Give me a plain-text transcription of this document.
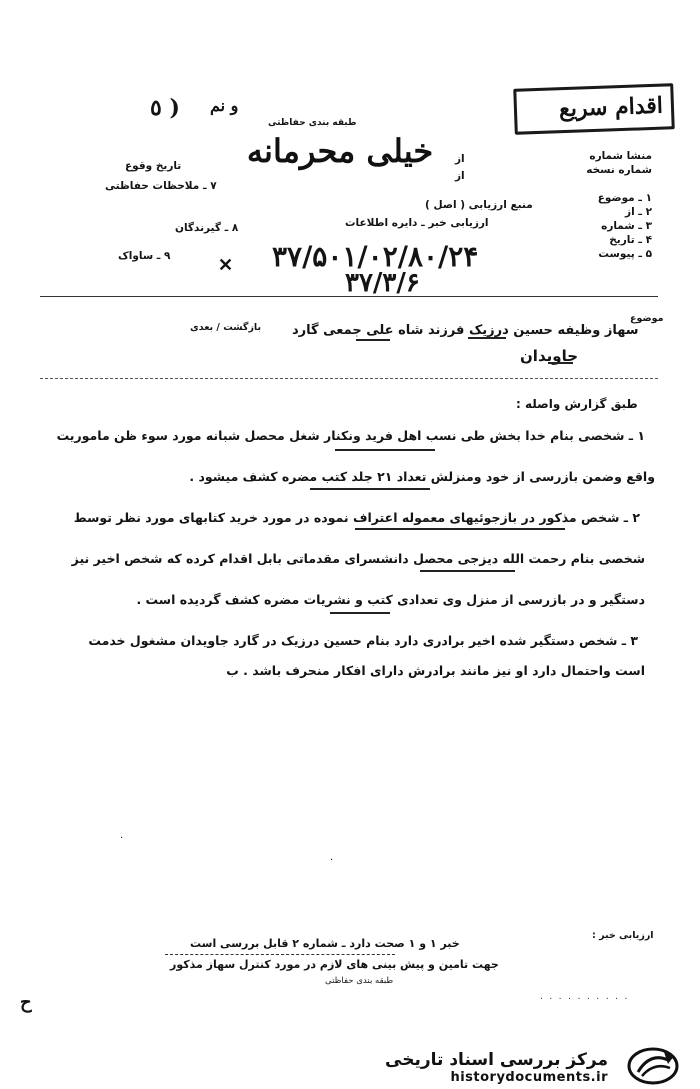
٥ ) و نم	اقدام سریع
طبقه بندی حفاظتی
خیلی محرمانه	منشا شماره
شماره نسخه
۱ ـ موضوع
۲ ـ از
۳ ـ شماره
۴ ـ تاریخ
۵ ـ پیوست
از
از
منبع ارزیابی ( اصل )
ارزیابی خبر ـ دایره اطلاعات
تاریخ وقوع
۷ ـ ملاحظات حفاظتی
۸ ـ گیرندگان
۹ ـ ساواک	۳۷/۵۰۱/۰۲/۸۰/۲۴
۳۷/۳/۶
✕
موضوع
سهاز وظیفه حسین درزیک فرزند شاه علی جمعی گارد
بازگشت / بعدی
جاویدان
طبق گزارش واصله :
۱ ـ شخصی بنام خدا بخش طی نسب اهل فرید ونکنار شغل محصل شبانه مورد سوء ظن ماموریت
واقع وضمن بازرسی از خود ومنزلش تعداد ۲۱ جلد کتب مضره کشف میشود .
۲ ـ شخص مذکور در بازجوئیهای معموله اعتراف نموده در مورد خرید کتابهای مورد نظر توسط
شخصی بنام رحمت الله دیزجی محصل دانشسرای مقدماتی بابل اقدام کرده که شخص اخیر نیز
دستگیر و در بازرسی از منزل وی تعدادی کتب و نشریات مضره کشف گردیده است .
۳ ـ شخص دستگیر شده اخیر برادری دارد بنام حسین درزیک در گارد جاویدان مشغول خدمت
است واحتمال دارد او نیز مانند برادرش دارای افکار منحرف باشد . ب
.
·
ح
ارزیابی خبر :
خبر ۱ و ۱ صحت دارد ـ شماره ۲ قابل بررسی است
جهت تامین و پیش بینی های لازم در مورد کنترل سهاز مذکور
طبقه بندی حفاظتی
. . . . . . . . . .
مرکز بررسی اسناد تاریخی
historydocuments.ir
